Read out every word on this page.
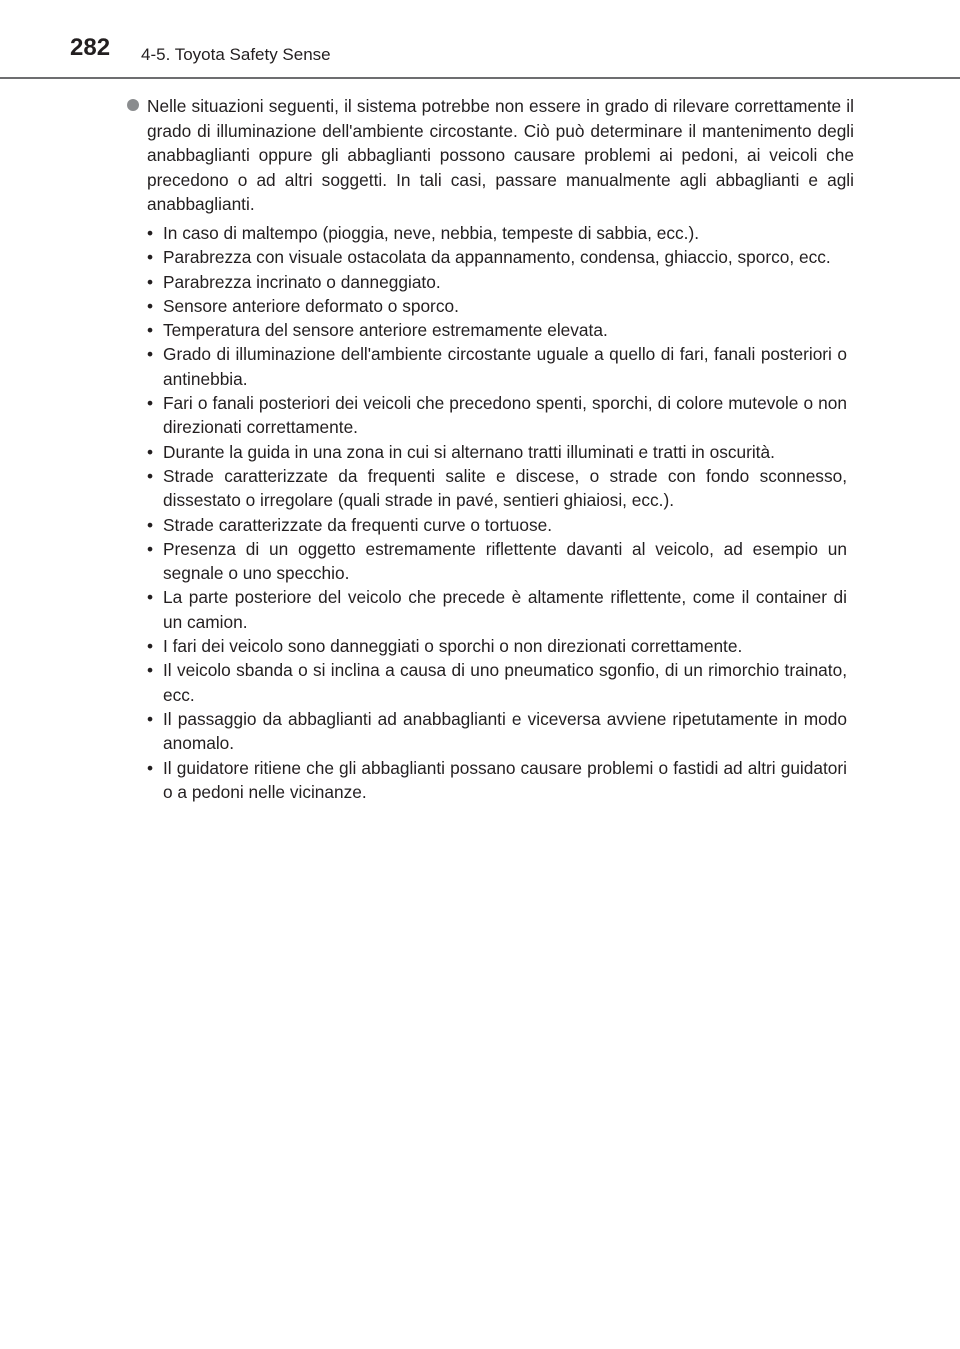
282 4-5. Toyota Safety Sense
Nelle situazioni seguenti, il sistema potrebbe non essere in grado di rilevare correttamente il grado di illuminazione dell'ambiente circostante. Ciò può determinare il mantenimento degli anabbaglianti oppure gli abbaglianti possono causare problemi ai pedoni, ai veicoli che precedono o ad altri soggetti. In tali casi, passare manualmente agli abbaglianti e agli anabbaglianti.
• In caso di maltempo (pioggia, neve, nebbia, tempeste di sabbia, ecc.).
• Parabrezza con visuale ostacolata da appannamento, condensa, ghiaccio, sporco, ecc.
• Parabrezza incrinato o danneggiato.
• Sensore anteriore deformato o sporco.
• Temperatura del sensore anteriore estremamente elevata.
• Grado di illuminazione dell'ambiente circostante uguale a quello di fari, fanali posteriori o antinebbia.
• Fari o fanali posteriori dei veicoli che precedono spenti, sporchi, di colore mutevole o non direzionati correttamente.
• Durante la guida in una zona in cui si alternano tratti illuminati e tratti in oscurità.
• Strade caratterizzate da frequenti salite e discese, o strade con fondo sconnesso, dissestato o irregolare (quali strade in pavé, sentieri ghiaiosi, ecc.).
• Strade caratterizzate da frequenti curve o tortuose.
• Presenza di un oggetto estremamente riflettente davanti al veicolo, ad esempio un segnale o uno specchio.
• La parte posteriore del veicolo che precede è altamente riflettente, come il container di un camion.
• I fari dei veicolo sono danneggiati o sporchi o non direzionati correttamente.
• Il veicolo sbanda o si inclina a causa di uno pneumatico sgonfio, di un rimorchio trainato, ecc.
• Il passaggio da abbaglianti ad anabbaglianti e viceversa avviene ripetutamente in modo anomalo.
• Il guidatore ritiene che gli abbaglianti possano causare problemi o fastidi ad altri guidatori o a pedoni nelle vicinanze.
